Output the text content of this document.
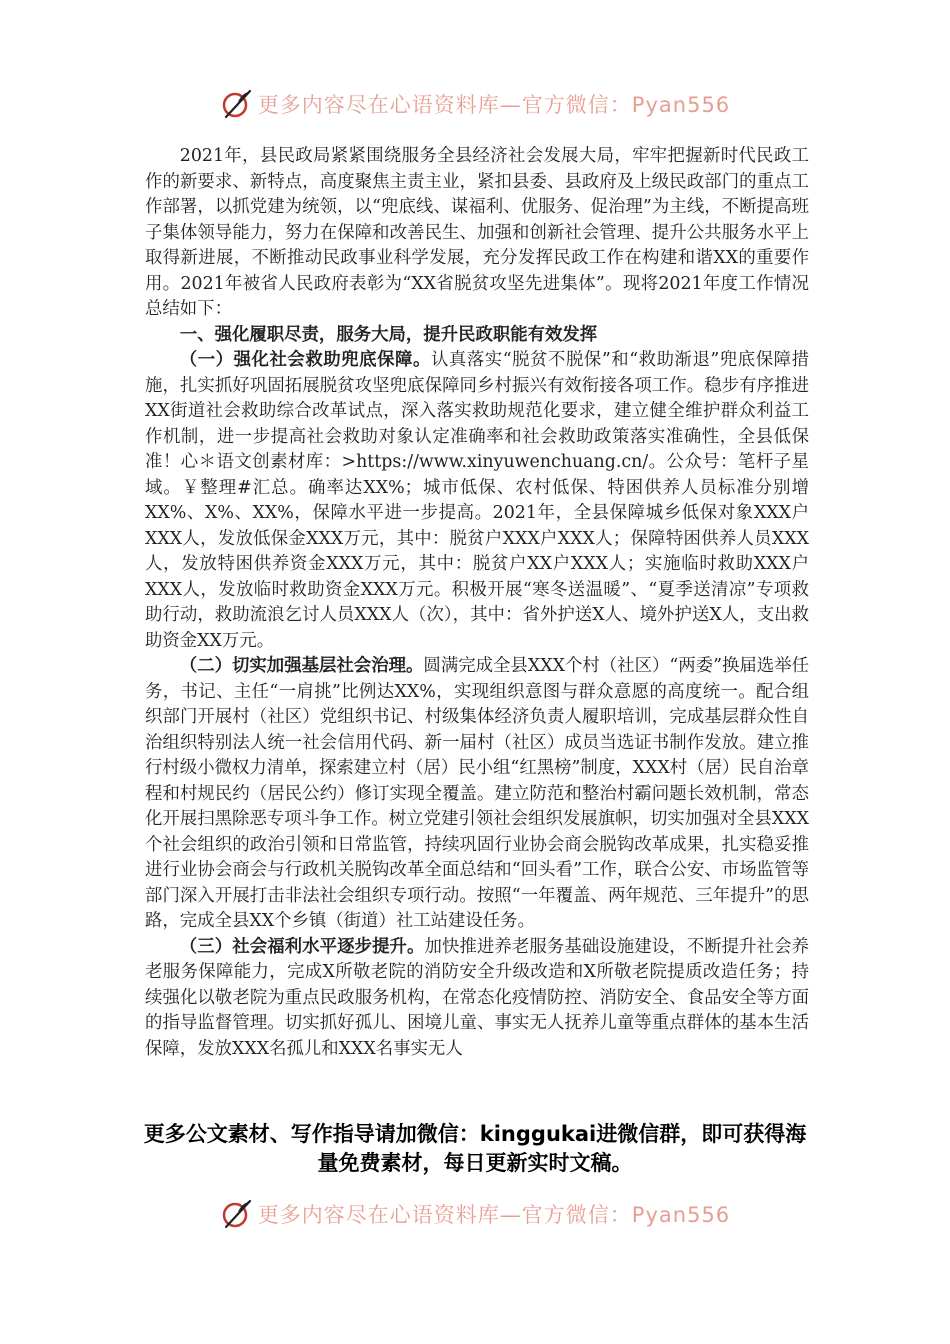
更多内容尽在心语资料库—官方微信：Pyan556

2021年，县民政局紧紧围绕服务全县经济社会发展大局，牢牢把握新时代民政工作的新要求、新特点，高度聚焦主责主业，紧扣县委、县政府及上级民政部门的重点工作部署，以抓党建为统领，以“兜底线、谋福利、优服务、促治理”为主线，不断提高班子集体领导能力，努力在保障和改善民生、加强和创新社会管理、提升公共服务水平上取得新进展，不断推动民政事业科学发展，充分发挥民政工作在构建和谐XX的重要作用。2021年被省人民政府表彰为“XX省脱贫攻坚先进集体”。现将2021年度工作情况总结如下：

一、强化履职尽责，服务大局，提升民政职能有效发挥

（一）强化社会救助兜底保障。认真落实“脱贫不脱保”和“救助渐退”兜底保障措施，扎实抓好巩固拓展脱贫攻坚兜底保障同乡村振兴有效衔接各项工作。稳步有序推进XX街道社会救助综合改革试点，深入落实救助规范化要求，建立健全维护群众利益工作机制，进一步提高社会救助对象认定准确率和社会救助政策落实准确性，全县低保准！心＊语文创素材库：>https://www.xinyuwenchuang.cn/。公众号：笔杆子星域。￥整理#汇总。确率达XX%；城市低保、农村低保、特困供养人员标准分别增XX%、X%、XX%，保障水平进一步提高。2021年，全县保障城乡低保对象XXX户XXX人，发放低保金XXX万元，其中：脱贫户XXX户XXX人；保障特困供养人员XXX人，发放特困供养资金XXX万元，其中：脱贫户XX户XXX人；实施临时救助XXX户XXX人，发放临时救助资金XXX万元。积极开展“寒冬送温暖”、“夏季送清凉”专项救助行动，救助流浪乞讨人员XXX人（次），其中：省外护送X人、境外护送X人，支出救助资金XX万元。

（二）切实加强基层社会治理。圆满完成全县XXX个村（社区）“两委”换届选举任务，书记、主任“一肩挑”比例达XX%，实现组织意图与群众意愿的高度统一。配合组织部门开展村（社区）党组织书记、村级集体经济负责人履职培训，完成基层群众性自治组织特别法人统一社会信用代码、新一届村（社区）成员当选证书制作发放。建立推行村级小微权力清单，探索建立村（居）民小组“红黑榜”制度，XXX村（居）民自治章程和村规民约（居民公约）修订实现全覆盖。建立防范和整治村霸问题长效机制，常态化开展扫黑除恶专项斗争工作。树立党建引领社会组织发展旗帜，切实加强对全县XXX个社会组织的政治引领和日常监管，持续巩固行业协会商会脱钩改革成果，扎实稳妥推进行业协会商会与行政机关脱钩改革全面总结和“回头看”工作，联合公安、市场监管等部门深入开展打击非法社会组织专项行动。按照“一年覆盖、两年规范、三年提升”的思路，完成全县XX个乡镇（街道）社工站建设任务。

（三）社会福利水平逐步提升。加快推进养老服务基础设施建设，不断提升社会养老服务保障能力，完成X所敬老院的消防安全升级改造和X所敬老院提质改造任务；持续强化以敬老院为重点民政服务机构，在常态化疫情防控、消防安全、食品安全等方面的指导监督管理。切实抓好孤儿、困境儿童、事实无人抚养儿童等重点群体的基本生活保障，发放XXX名孤儿和XXX名事实无人

更多公文素材、写作指导请加微信：kinggukai进微信群，即可获得海量免费素材，每日更新实时文稿。
更多内容尽在心语资料库—官方微信：Pyan556
